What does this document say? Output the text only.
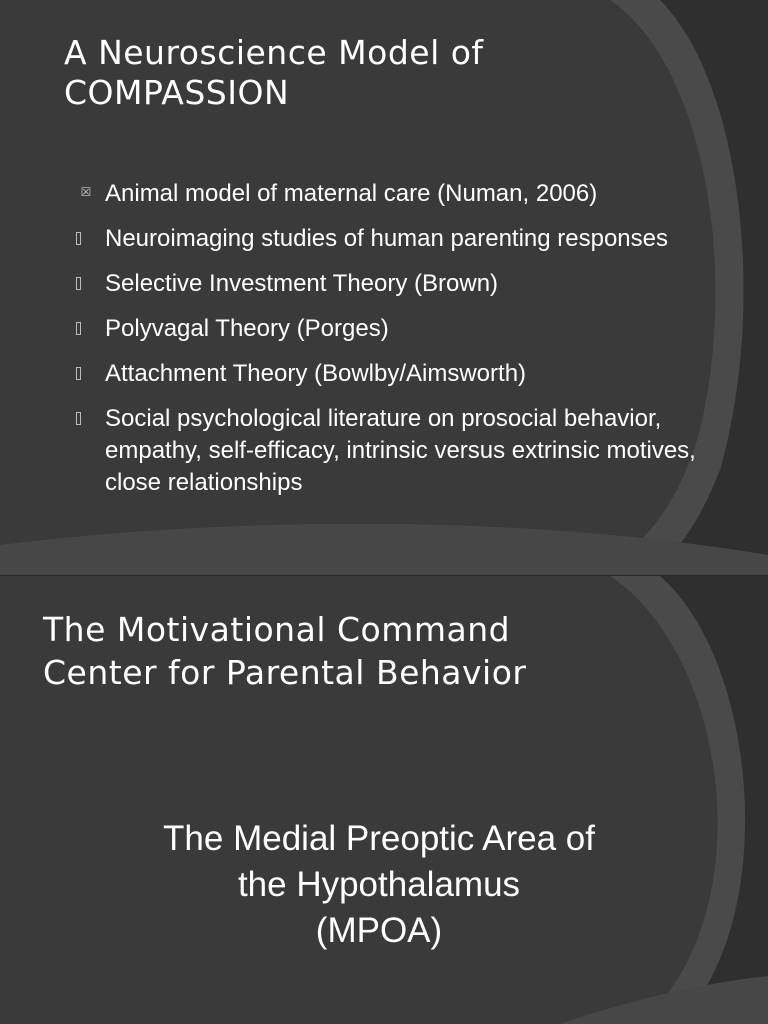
A Neuroscience Model of
COMPASSION
☒ Animal model of maternal care (Numan, 2006)
Neuroimaging studies of human parenting responses
Selective Investment Theory (Brown)
Polyvagal Theory (Porges)
Attachment Theory (Bowlby/Aimsworth)
Social psychological literature on prosocial behavior, empathy, self-efficacy, intrinsic versus extrinsic motives, close relationships
The Motivational Command
Center for Parental Behavior
The Medial Preoptic Area of
the Hypothalamus
(MPOA)
